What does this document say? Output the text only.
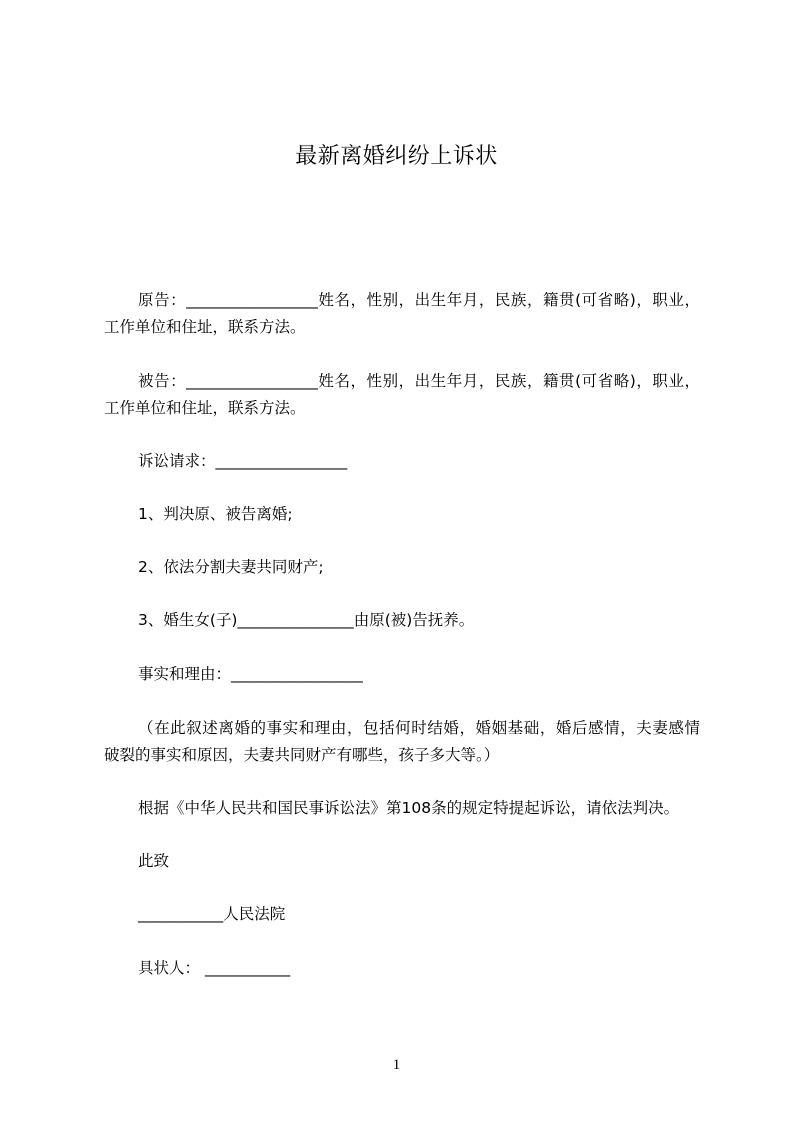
最新离婚纠纷上诉状
原告：_________________姓名，性别，出生年月，民族，籍贯(可省略)，职业，
工作单位和住址，联系方法。
被告：_________________姓名，性别，出生年月，民族，籍贯(可省略)，职业，
工作单位和住址，联系方法。
诉讼请求：_________________
1、判决原、被告离婚;
2、依法分割夫妻共同财产;
3、婚生女(子)_______________由原(被)告抚养。
事实和理由：_________________
（在此叙述离婚的事实和理由，包括何时结婚，婚姻基础，婚后感情，夫妻感情
破裂的事实和原因，夫妻共同财产有哪些，孩子多大等。）
根据《中华人民共和国民事诉讼法》第108条的规定特提起诉讼，请依法判决。
此致
___________人民法院
具状人： ___________
1
